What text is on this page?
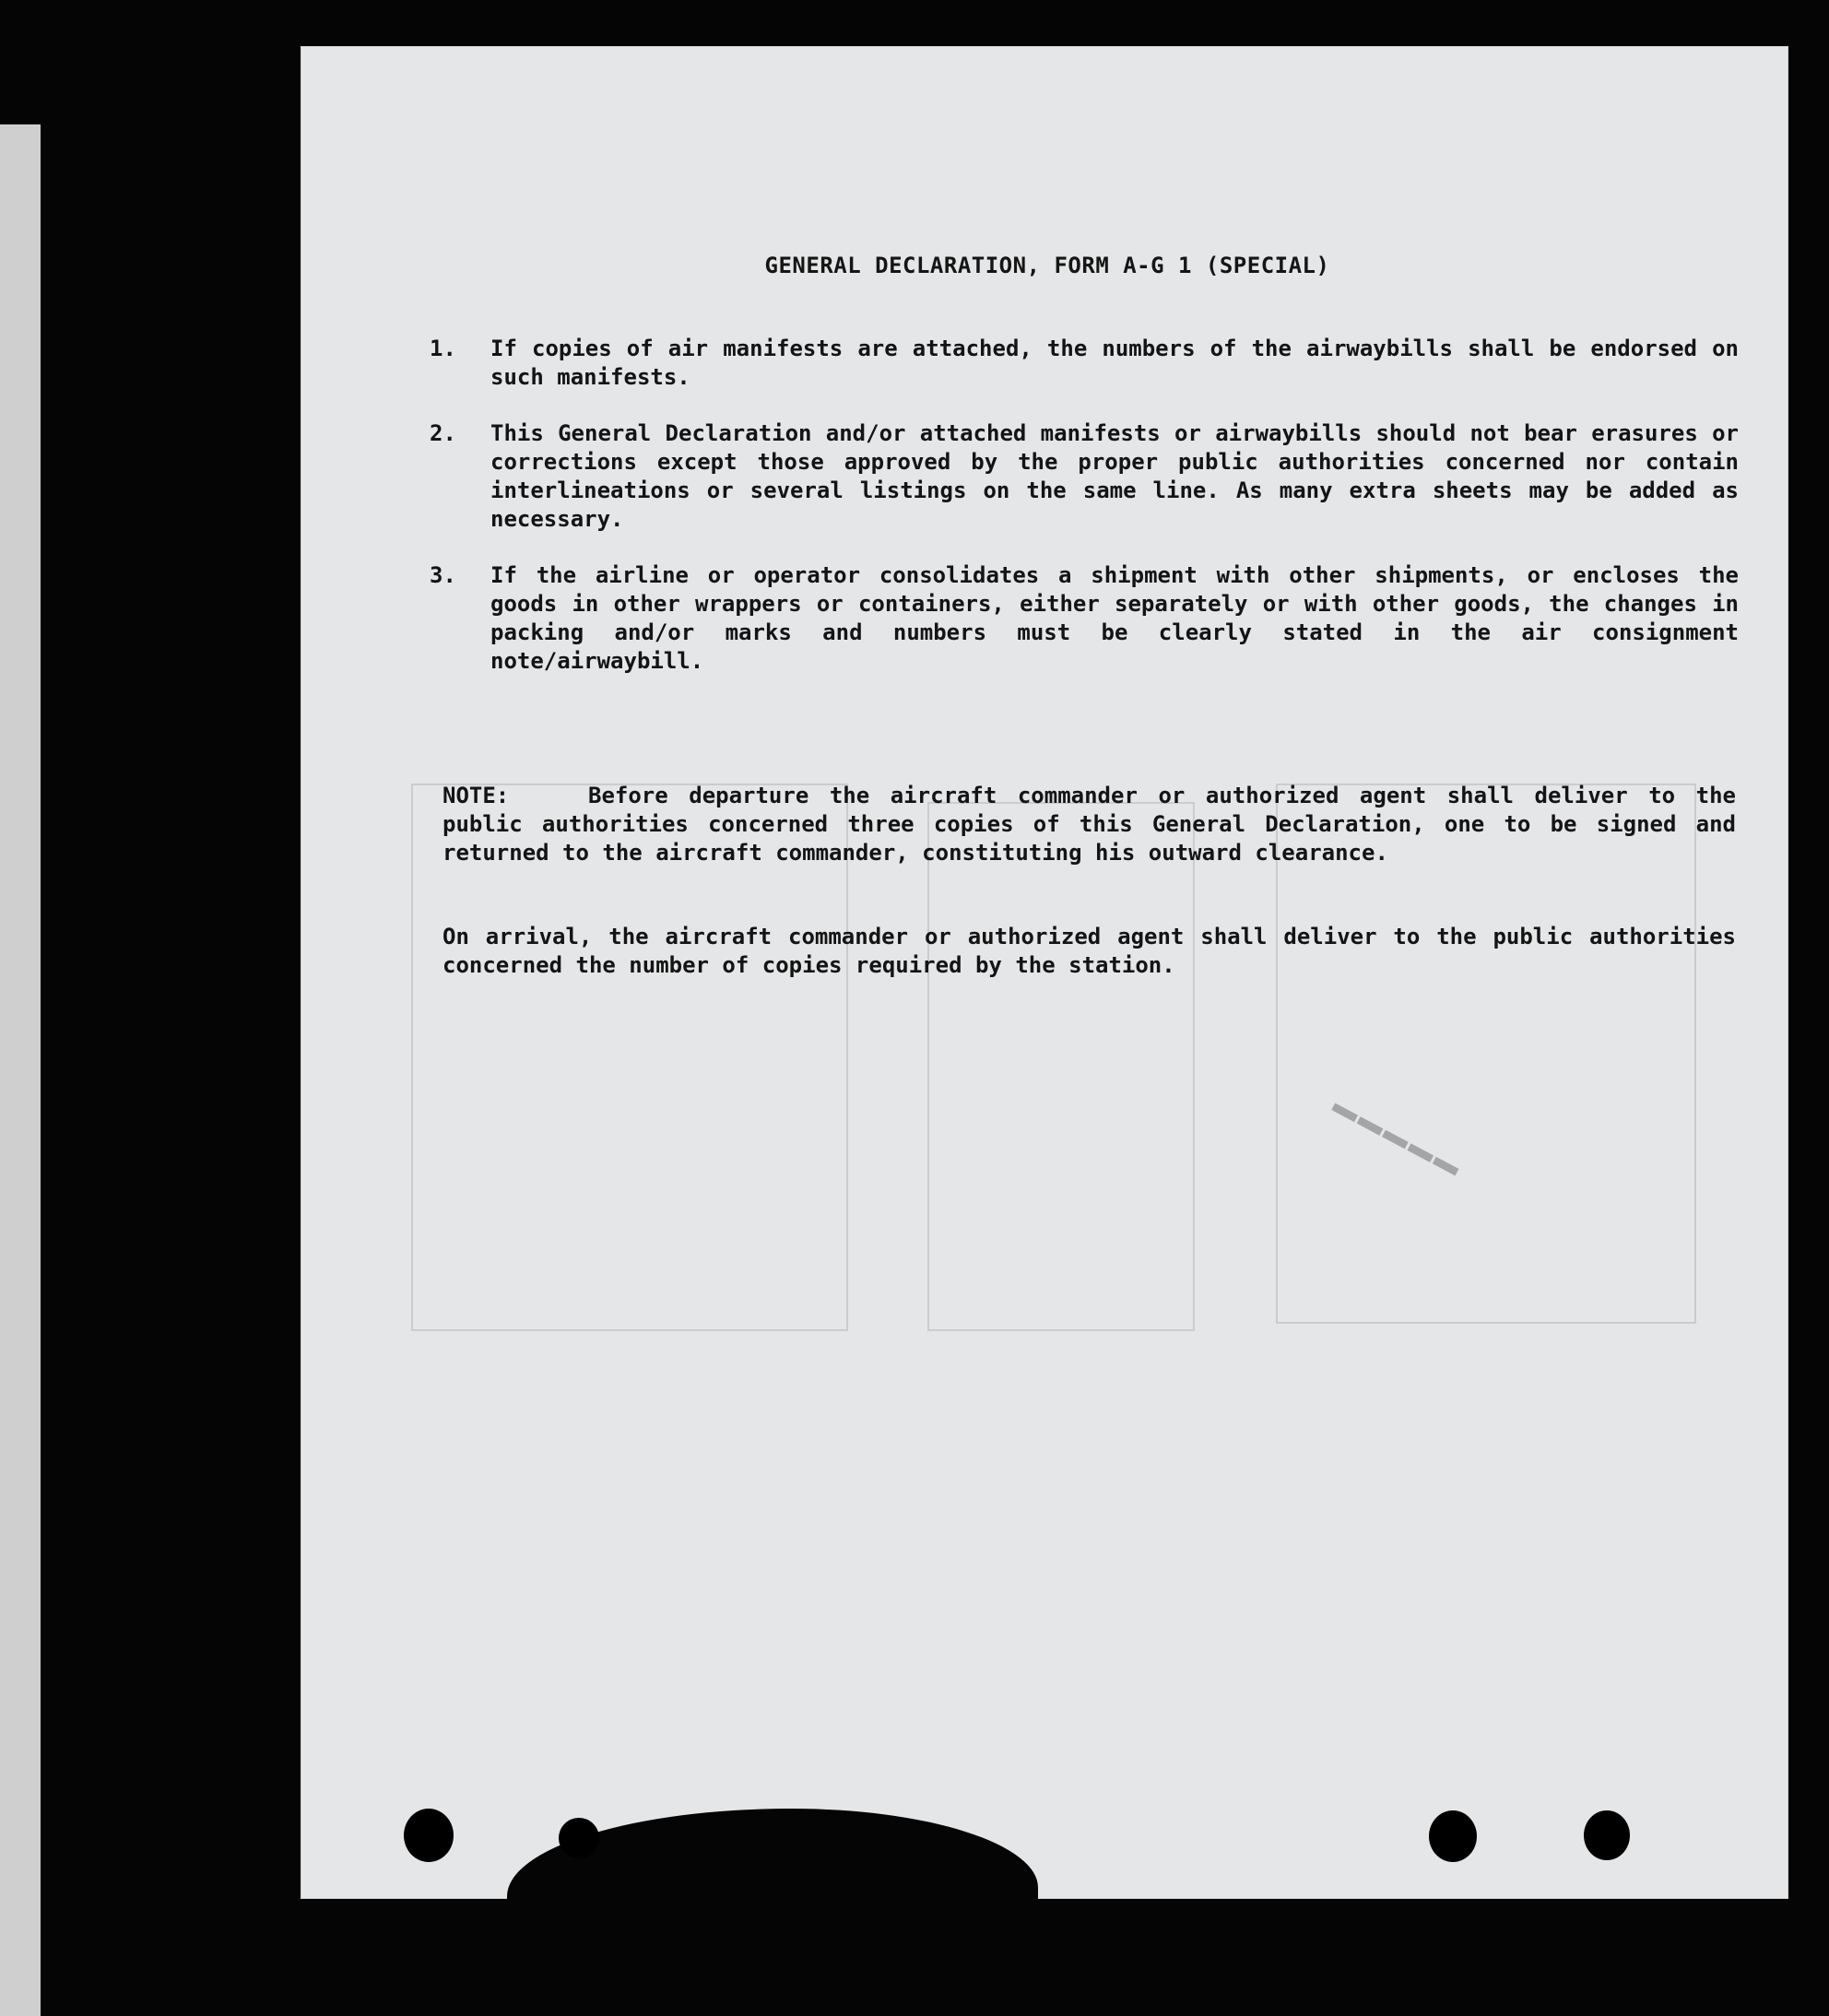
▬▬▬▬▬
GENERAL DECLARATION, FORM A-G 1 (SPECIAL)
1.	If copies of air manifests are attached, the numbers of the airwaybills shall be endorsed on such manifests.
2.	This General Declaration and/or attached manifests or airwaybills should not bear erasures or corrections except those approved by the proper public authorities concerned nor contain interlineations or several listings on the same line. As many extra sheets may be added as necessary.
3.	If the airline or operator consolidates a shipment with other shipments, or encloses the goods in other wrappers or containers, either separately or with other goods, the changes in packing and/or marks and numbers must be clearly stated in the air consignment note/airwaybill.
NOTE:	Before departure the aircraft commander or authorized agent shall deliver to the public authorities concerned three copies of this General Declaration, one to be signed and returned to the aircraft commander, constituting his outward clearance.
On arrival, the aircraft commander or authorized agent shall deliver to the public authorities concerned the number of copies required by the station.
